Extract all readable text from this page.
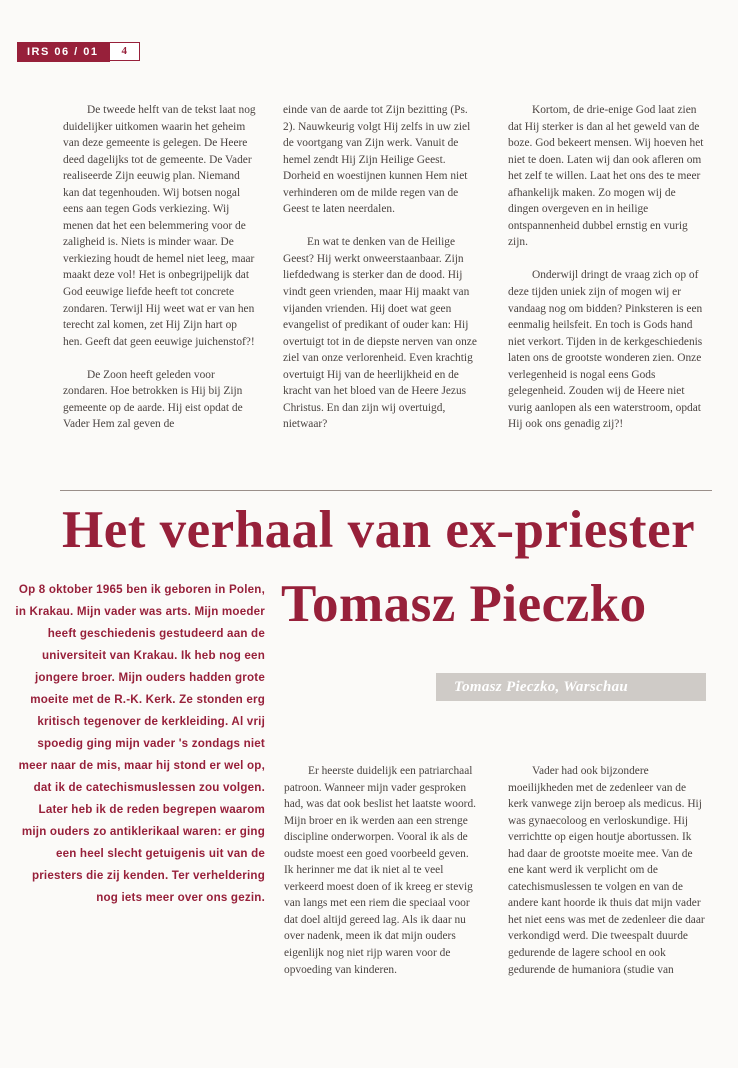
IRS 06 / 01	4

De tweede helft van de tekst laat nog duidelijker uitkomen waarin het geheim van deze gemeente is gelegen. De Heere deed dagelijks tot de gemeente. De Vader realiseerde Zijn eeuwig plan. Niemand kan dat tegenhouden. Wij botsen nogal eens aan tegen Gods verkiezing. Wij menen dat het een belemmering voor de zaligheid is. Niets is minder waar. De verkiezing houdt de hemel niet leeg, maar maakt deze vol! Het is onbegrijpelijk dat God eeuwige liefde heeft tot concrete zondaren. Terwijl Hij weet wat er van hen terecht zal komen, zet Hij Zijn hart op hen. Geeft dat geen eeuwige juichenstof?!

De Zoon heeft geleden voor zondaren. Hoe betrokken is Hij bij Zijn gemeente op de aarde. Hij eist opdat de Vader Hem zal geven de

einde van de aarde tot Zijn bezitting (Ps. 2). Nauwkeurig volgt Hij zelfs in uw ziel de voortgang van Zijn werk. Vanuit de hemel zendt Hij Zijn Heilige Geest. Dorheid en woestijnen kunnen Hem niet verhinderen om de milde regen van de Geest te laten neerdalen.

En wat te denken van de Heilige Geest? Hij werkt onweerstaanbaar. Zijn liefdedwang is sterker dan de dood. Hij vindt geen vrienden, maar Hij maakt van vijanden vrienden. Hij doet wat geen evangelist of predikant of ouder kan: Hij overtuigt tot in de diepste nerven van onze ziel van onze verlorenheid. Even krachtig overtuigt Hij van de heerlijkheid en de kracht van het bloed van de Heere Jezus Christus. En dan zijn wij overtuigd, nietwaar?

Kortom, de drie-enige God laat zien dat Hij sterker is dan al het geweld van de boze. God bekeert mensen. Wij hoeven het niet te doen. Laten wij dan ook afleren om het zelf te willen. Laat het ons des te meer afhankelijk maken. Zo mogen wij de dingen overgeven en in heilige ontspannenheid dubbel ernstig en vurig zijn.

Onderwijl dringt de vraag zich op of deze tijden uniek zijn of mogen wij er vandaag nog om bidden? Pinksteren is een eenmalig heilsfeit. En toch is Gods hand niet verkort. Tijden in de kerkgeschiedenis laten ons de grootste wonderen zien. Onze verlegenheid is nogal eens Gods gelegenheid. Zouden wij de Heere niet vurig aanlopen als een waterstroom, opdat Hij ook ons genadig zij?!

Het verhaal van ex-priester
Tomasz Pieczko

Op 8 oktober 1965 ben ik geboren in Polen, in Krakau. Mijn vader was arts. Mijn moeder heeft geschiedenis gestudeerd aan de universiteit van Krakau. Ik heb nog een jongere broer. Mijn ouders hadden grote moeite met de R.-K. Kerk. Ze stonden erg kritisch tegenover de kerkleiding. Al vrij spoedig ging mijn vader 's zondags niet meer naar de mis, maar hij stond er wel op, dat ik de catechismuslessen zou volgen. Later heb ik de reden begrepen waarom mijn ouders zo antiklerikaal waren: er ging een heel slecht getuigenis uit van de priesters die zij kenden. Ter verheldering nog iets meer over ons gezin.

Tomasz Pieczko, Warschau

Er heerste duidelijk een patriarchaal patroon. Wanneer mijn vader gesproken had, was dat ook beslist het laatste woord. Mijn broer en ik werden aan een strenge discipline onderworpen. Vooral ik als de oudste moest een goed voorbeeld geven. Ik herinner me dat ik niet al te veel verkeerd moest doen of ik kreeg er stevig van langs met een riem die speciaal voor dat doel altijd gereed lag. Als ik daar nu over nadenk, meen ik dat mijn ouders eigenlijk nog niet rijp waren voor de opvoeding van kinderen.

Vader had ook bijzondere moeilijkheden met de zedenleer van de kerk vanwege zijn beroep als medicus. Hij was gynaecoloog en verloskundige. Hij verrichtte op eigen houtje abortussen. Ik had daar de grootste moeite mee. Van de ene kant werd ik verplicht om de catechismuslessen te volgen en van de andere kant hoorde ik thuis dat mijn vader het niet eens was met de zedenleer die daar verkondigd werd. Die tweespalt duurde gedurende de lagere school en ook gedurende de humaniora (studie van
